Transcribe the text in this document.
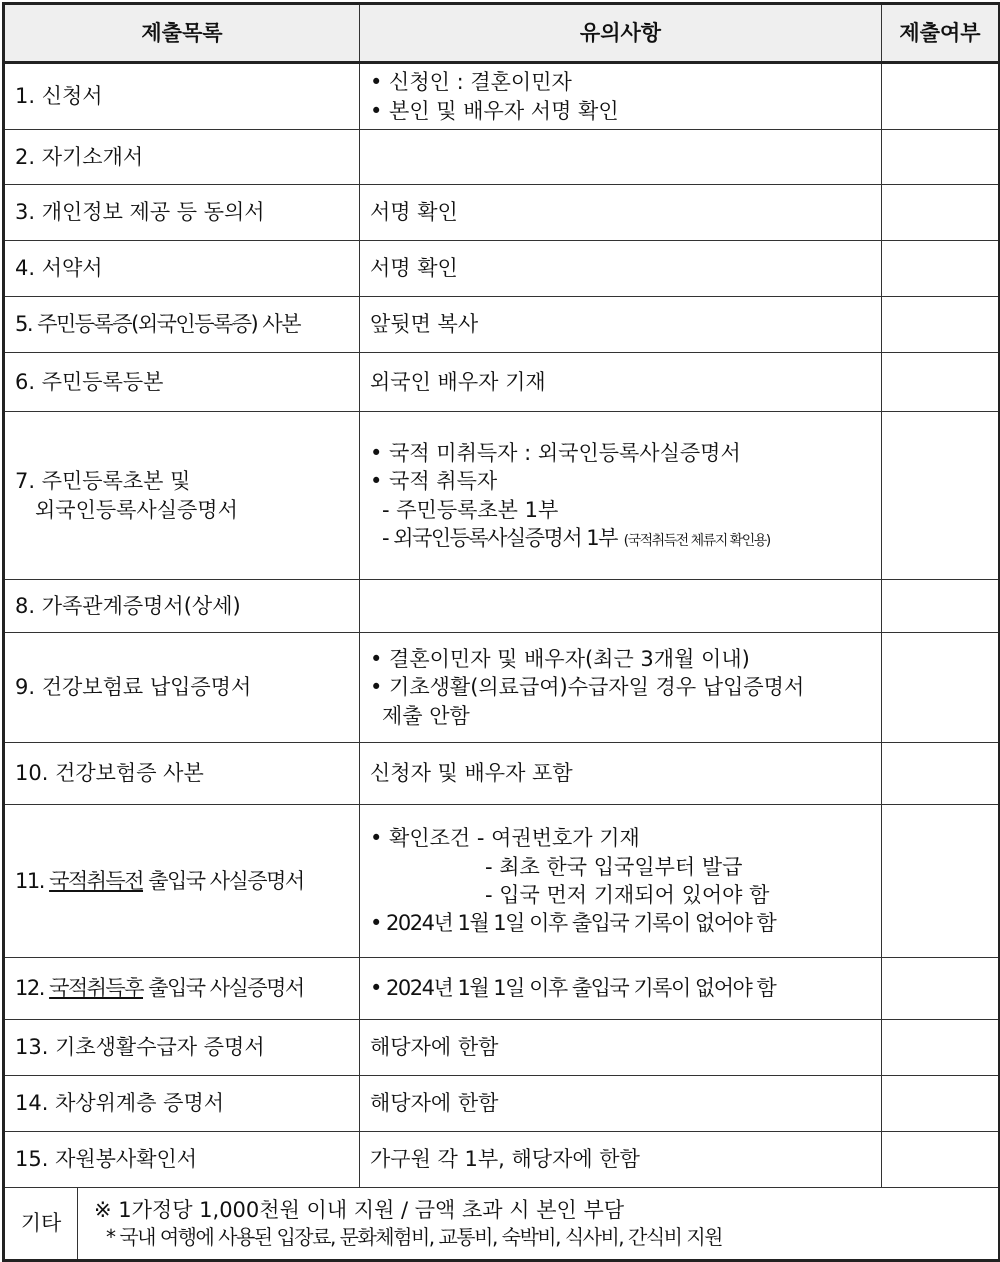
제출목록		유의사항	제출여부
1. 신청서		• 신청인 : 결혼이민자
• 본인 및 배우자 서명 확인	

2. 자기소개서			
3. 개인정보 제공 등 동의서		서명 확인	
4. 서약서		서명 확인	
5. 주민등록증(외국인등록증) 사본		앞뒷면 복사	
6. 주민등록등본		외국인 배우자 기재	

7. 주민등록초본 및
외국인등록사실증명서		• 국적 미취득자 : 외국인등록사실증명서
• 국적 취득자
- 주민등록초본 1부
- 외국인등록사실증명서 1부 (국적취득전 체류지 확인용)	

8. 가족관계증명서(상세)			
9. 건강보험료 납입증명서		• 결혼이민자 및 배우자(최근 3개월 이내)
• 기초생활(의료급여)수급자일 경우 납입증명서
제출 안함	

10. 건강보험증 사본		신청자 및 배우자 포함	
11. 국적취득전 출입국 사실증명서		• 확인조건 - 여권번호가 기재
- 최초 한국 입국일부터 발급
- 입국 먼저 기재되어 있어야 함
• 2024년 1월 1일 이후 출입국 기록이 없어야 함	

12. 국적취득후 출입국 사실증명서		• 2024년 1월 1일 이후 출입국 기록이 없어야 함	
13. 기초생활수급자 증명서		해당자에 한함	
14. 차상위계층 증명서		해당자에 한함	
15. 자원봉사확인서		가구원 각 1부, 해당자에 한함	
기타	※ 1가정당 1,000천원 이내 지원 / 금액 초과 시 본인 부담
* 국내 여행에 사용된 입장료, 문화체험비, 교통비, 숙박비, 식사비, 간식비 지원		
